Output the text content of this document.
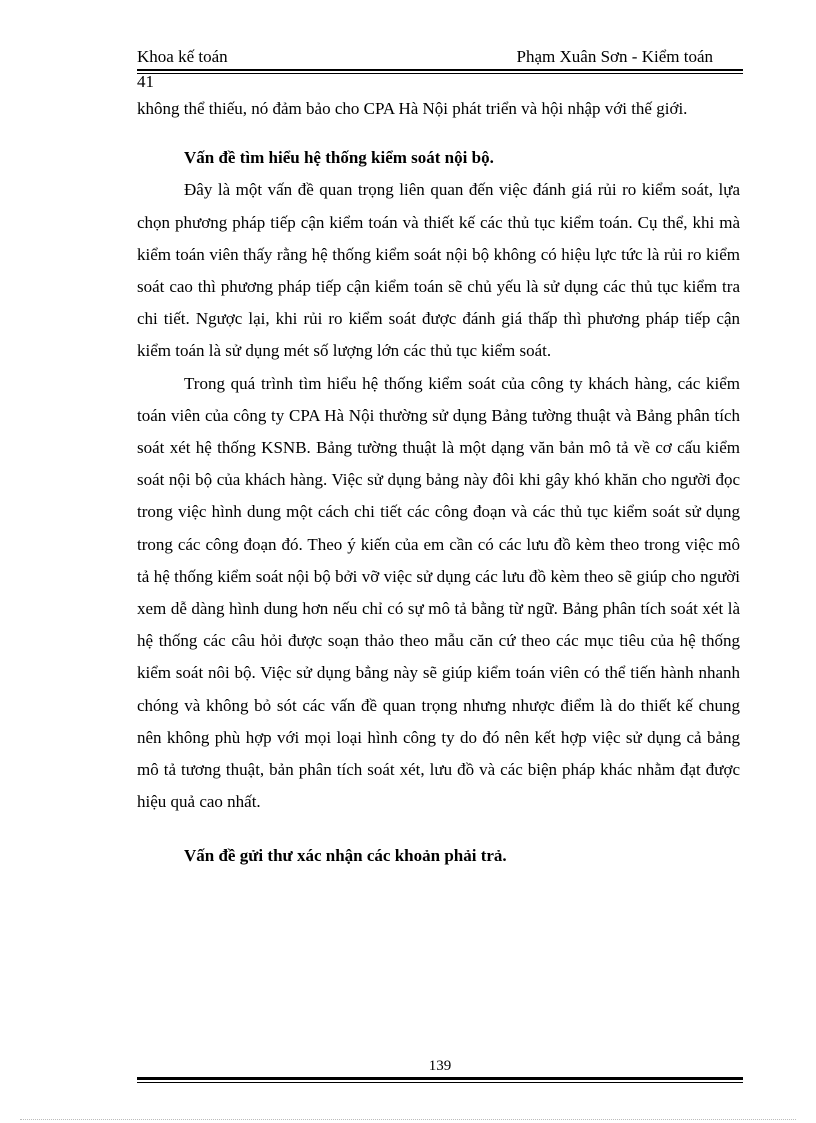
Khoa kế toán	Phạm Xuân Sơn - Kiểm toán
41

không thể thiếu, nó đảm bảo cho CPA Hà Nội phát triển và hội nhập với thế giới.

Vấn đề tìm hiểu hệ thống kiểm soát nội bộ.

Đây là một vấn đề quan trọng liên quan đến việc đánh giá rủi ro kiểm soát, lựa chọn phương pháp tiếp cận kiểm toán và thiết kế các thủ tục kiểm toán. Cụ thể, khi mà kiểm toán viên thấy rằng hệ thống kiểm soát nội bộ không có hiệu lực tức là rủi ro kiểm soát cao thì phương pháp tiếp cận kiểm toán sẽ chủ yếu là sử dụng các thủ tục kiểm tra chi tiết. Ngược lại, khi rủi ro kiểm soát được đánh giá thấp thì phương pháp tiếp cận kiểm toán là sử dụng mét số lượng lớn các thủ tục kiểm soát.

Trong quá trình tìm hiểu hệ thống kiểm soát của công ty khách hàng, các kiểm toán viên của công ty CPA Hà Nội thường sử dụng Bảng tường thuật và Bảng phân tích soát xét hệ thống KSNB. Bảng tường thuật là một dạng văn bản mô tả về cơ cấu kiểm soát nội bộ của khách hàng. Việc sử dụng bảng này đôi khi gây khó khăn cho người đọc trong việc hình dung một cách chi tiết các công đoạn và các thủ tục kiểm soát sử dụng trong các công đoạn đó. Theo ý kiến của em cần có các lưu đồ kèm theo trong việc mô tả hệ thống kiểm soát nội bộ bởi vỡ việc sử dụng các lưu đồ kèm theo sẽ giúp cho người xem dễ dàng hình dung hơn nếu chỉ có sự mô tả bằng từ ngữ. Bảng phân tích soát xét là hệ thống các câu hỏi được soạn thảo theo mẫu căn cứ theo các mục tiêu của hệ thống kiểm soát nôi bộ. Việc sử dụng bẳng này sẽ giúp kiểm toán viên có thể tiến hành nhanh chóng và không bỏ sót các vấn đề quan trọng nhưng nhược điểm là do thiết kế chung nên không phù hợp với mọi loại hình công ty do đó nên kết hợp việc sử dụng cả bảng mô tả tương thuật, bản phân tích soát xét, lưu đồ và các biện pháp khác nhằm đạt được hiệu quả cao nhất.

Vấn đề gửi thư xác nhận các khoản phải trả.
139
